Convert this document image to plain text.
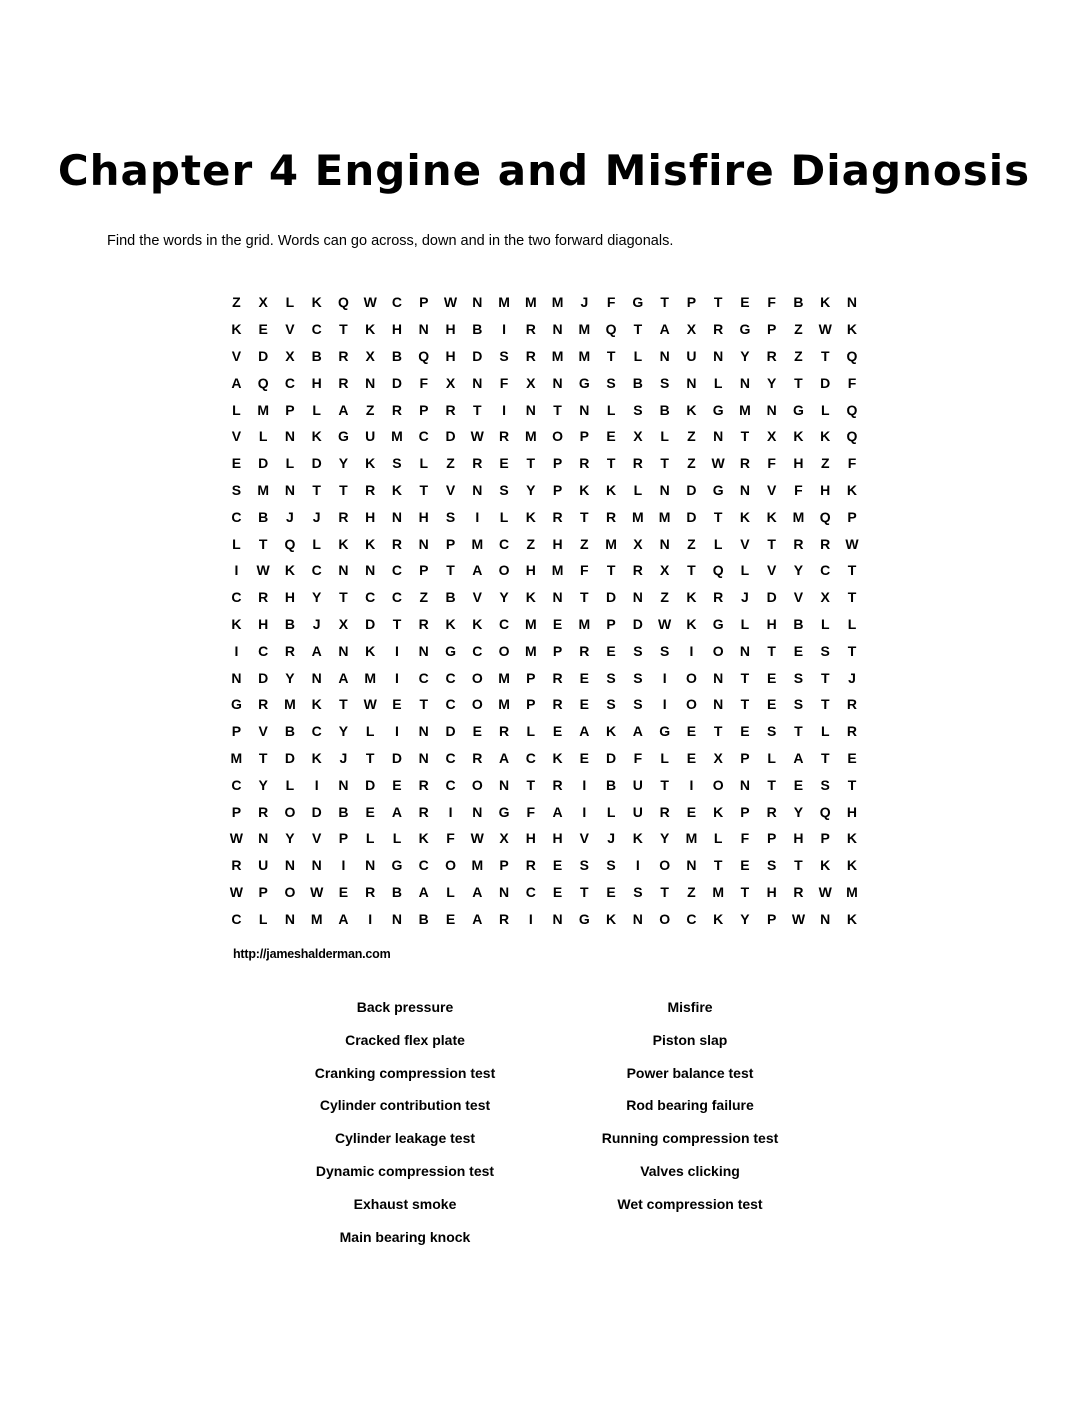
Chapter 4 Engine and Misfire Diagnosis

Find the words in the grid. Words can go across, down and in the two forward diagonals.

Z	X	L	K	Q	W	C	P	W	N	M	M	M	J	F	G	T	P	T	E	F	B	K	N
K	E	V	C	T	K	H	N	H	B	I	R	N	M	Q	T	A	X	R	G	P	Z	W	K
V	D	X	B	R	X	B	Q	H	D	S	R	M	M	T	L	N	U	N	Y	R	Z	T	Q
A	Q	C	H	R	N	D	F	X	N	F	X	N	G	S	B	S	N	L	N	Y	T	D	F
L	M	P	L	A	Z	R	P	R	T	I	N	T	N	L	S	B	K	G	M	N	G	L	Q
V	L	N	K	G	U	M	C	D	W	R	M	O	P	E	X	L	Z	N	T	X	K	K	Q
E	D	L	D	Y	K	S	L	Z	R	E	T	P	R	T	R	T	Z	W	R	F	H	Z	F
S	M	N	T	T	R	K	T	V	N	S	Y	P	K	K	L	N	D	G	N	V	F	H	K
C	B	J	J	R	H	N	H	S	I	L	K	R	T	R	M	M	D	T	K	K	M	Q	P
L	T	Q	L	K	K	R	N	P	M	C	Z	H	Z	M	X	N	Z	L	V	T	R	R	W
I	W	K	C	N	N	C	P	T	A	O	H	M	F	T	R	X	T	Q	L	V	Y	C	T
C	R	H	Y	T	C	C	Z	B	V	Y	K	N	T	D	N	Z	K	R	J	D	V	X	T
K	H	B	J	X	D	T	R	K	K	C	M	E	M	P	D	W	K	G	L	H	B	L	L
I	C	R	A	N	K	I	N	G	C	O	M	P	R	E	S	S	I	O	N	T	E	S	T
N	D	Y	N	A	M	I	C	C	O	M	P	R	E	S	S	I	O	N	T	E	S	T	J
G	R	M	K	T	W	E	T	C	O	M	P	R	E	S	S	I	O	N	T	E	S	T	R
P	V	B	C	Y	L	I	N	D	E	R	L	E	A	K	A	G	E	T	E	S	T	L	R
M	T	D	K	J	T	D	N	C	R	A	C	K	E	D	F	L	E	X	P	L	A	T	E
C	Y	L	I	N	D	E	R	C	O	N	T	R	I	B	U	T	I	O	N	T	E	S	T
P	R	O	D	B	E	A	R	I	N	G	F	A	I	L	U	R	E	K	P	R	Y	Q	H
W	N	Y	V	P	L	L	K	F	W	X	H	H	V	J	K	Y	M	L	F	P	H	P	K
R	U	N	N	I	N	G	C	O	M	P	R	E	S	S	I	O	N	T	E	S	T	K	K
W	P	O	W	E	R	B	A	L	A	N	C	E	T	E	S	T	Z	M	T	H	R	W	M
C	L	N	M	A	I	N	B	E	A	R	I	N	G	K	N	O	C	K	Y	P	W	N	K
http://jameshalderman.com
Back pressure
Cracked flex plate
Cranking compression test
Cylinder contribution test
Cylinder leakage test
Dynamic compression test
Exhaust smoke
Main bearing knock
Misfire
Piston slap
Power balance test
Rod bearing failure
Running compression test
Valves clicking
Wet compression test
